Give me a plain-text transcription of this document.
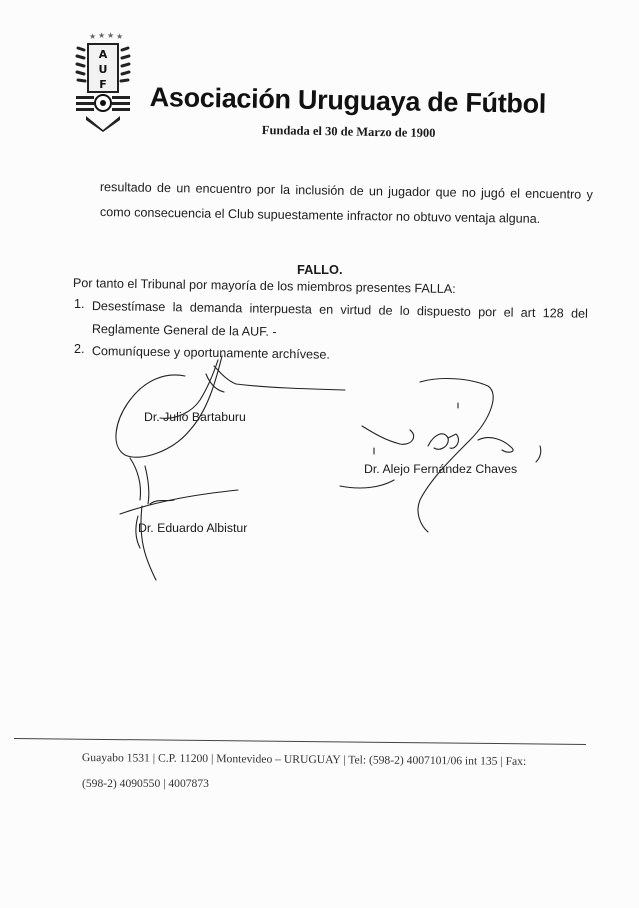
★ ★ ★ ★
A
U
F Asociación Uruguaya de Fútbol
Fundada el 30 de Marzo de 1900
resultado de un encuentro por la inclusión de un jugador que no jugó el encuentro y
como consecuencia el Club supuestamente infractor no obtuvo ventaja alguna.
FALLO.
Por tanto el Tribunal por mayoría de los miembros presentes FALLA:
1. Desestímase la demanda interpuesta en virtud de lo dispuesto por el art 128 del
Reglamente General de la AUF. -
2. Comuníquese y oportunamente archívese.
Dr. Julio Bartaburu
Dr. Alejo Fernández Chaves
Dr. Eduardo Albistur
Guayabo 1531 | C.P. 11200 | Montevideo – URUGUAY | Tel: (598-2) 4007101/06 int 135 | Fax:
(598-2) 4090550 | 4007873
